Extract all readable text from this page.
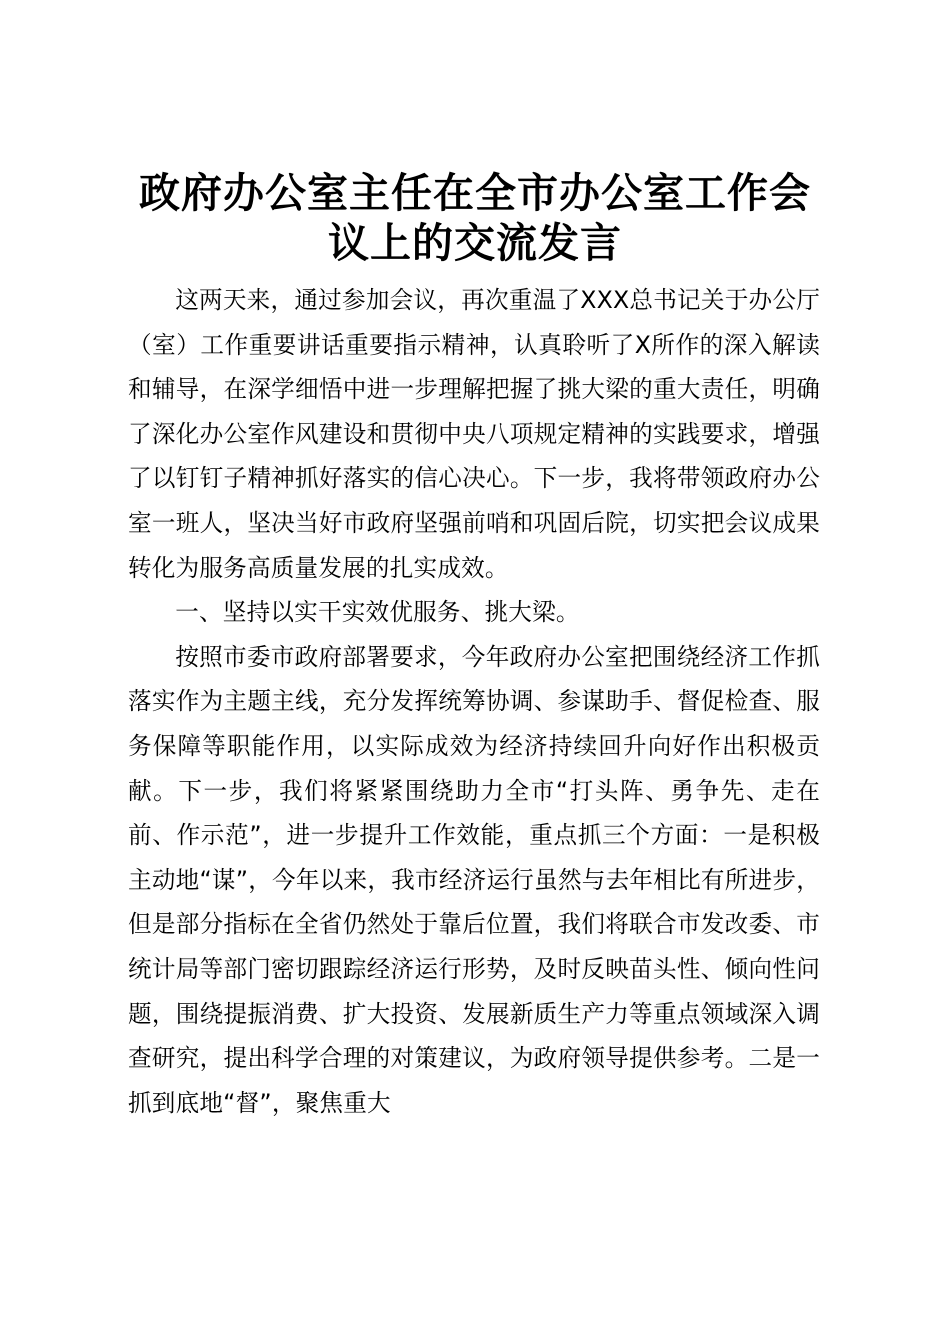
政府办公室主任在全市办公室工作会议上的交流发言

这两天来，通过参加会议，再次重温了XXX总书记关于办公厅（室）工作重要讲话重要指示精神，认真聆听了X所作的深入解读和辅导，在深学细悟中进一步理解把握了挑大梁的重大责任，明确了深化办公室作风建设和贯彻中央八项规定精神的实践要求，增强了以钉钉子精神抓好落实的信心决心。下一步，我将带领政府办公室一班人，坚决当好市政府坚强前哨和巩固后院，切实把会议成果转化为服务高质量发展的扎实成效。

一、坚持以实干实效优服务、挑大梁。

按照市委市政府部署要求，今年政府办公室把围绕经济工作抓落实作为主题主线，充分发挥统筹协调、参谋助手、督促检查、服务保障等职能作用，以实际成效为经济持续回升向好作出积极贡献。下一步，我们将紧紧围绕助力全市“打头阵、勇争先、走在前、作示范”，进一步提升工作效能，重点抓三个方面：一是积极主动地“谋”，今年以来，我市经济运行虽然与去年相比有所进步，但是部分指标在全省仍然处于靠后位置，我们将联合市发改委、市统计局等部门密切跟踪经济运行形势，及时反映苗头性、倾向性问题，围绕提振消费、扩大投资、发展新质生产力等重点领域深入调查研究，提出科学合理的对策建议，为政府领导提供参考。二是一抓到底地“督”，聚焦重大
